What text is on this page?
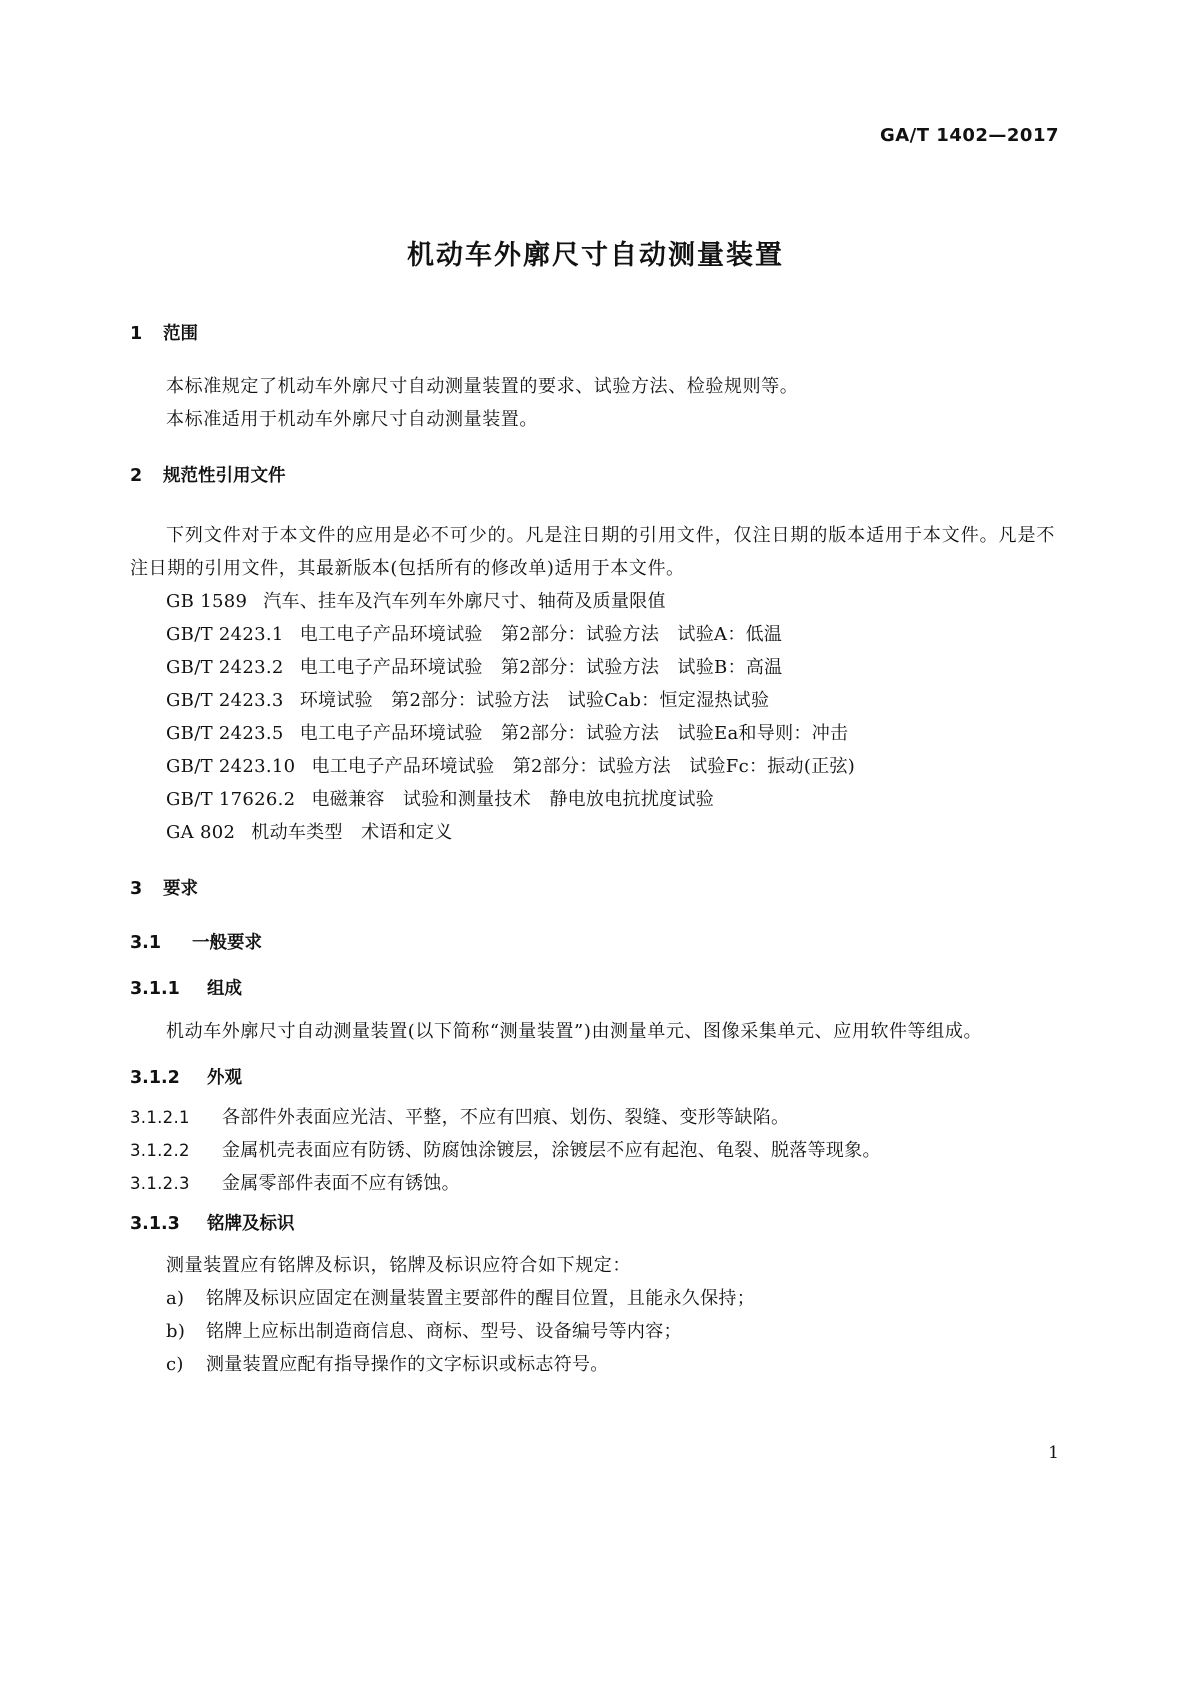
GA/T 1402—2017
机动车外廓尺寸自动测量装置
1 范围

本标准规定了机动车外廓尺寸自动测量装置的要求、试验方法、检验规则等。

本标准适用于机动车外廓尺寸自动测量装置。

2 规范性引用文件

下列文件对于本文件的应用是必不可少的。凡是注日期的引用文件，仅注日期的版本适用于本文件。凡是不注日期的引用文件，其最新版本(包括所有的修改单)适用于本文件。

GB 1589 汽车、挂车及汽车列车外廓尺寸、轴荷及质量限值
GB/T 2423.1 电工电子产品环境试验　第2部分：试验方法　试验A：低温
GB/T 2423.2 电工电子产品环境试验　第2部分：试验方法　试验B：高温
GB/T 2423.3 环境试验　第2部分：试验方法　试验Cab：恒定湿热试验
GB/T 2423.5 电工电子产品环境试验　第2部分：试验方法　试验Ea和导则：冲击
GB/T 2423.10 电工电子产品环境试验　第2部分：试验方法　试验Fc：振动(正弦)
GB/T 17626.2 电磁兼容　试验和测量技术　静电放电抗扰度试验
GA 802 机动车类型　术语和定义
3 要求
3.1 一般要求
3.1.1 组成

机动车外廓尺寸自动测量装置(以下简称“测量装置”)由测量单元、图像采集单元、应用软件等组成。

3.1.2 外观
3.1.2.1 各部件外表面应光洁、平整，不应有凹痕、划伤、裂缝、变形等缺陷。
3.1.2.2 金属机壳表面应有防锈、防腐蚀涂镀层，涂镀层不应有起泡、龟裂、脱落等现象。
3.1.2.3 金属零部件表面不应有锈蚀。
3.1.3 铭牌及标识

测量装置应有铭牌及标识，铭牌及标识应符合如下规定：

a) 铭牌及标识应固定在测量装置主要部件的醒目位置，且能永久保持；
b) 铭牌上应标出制造商信息、商标、型号、设备编号等内容；
c) 测量装置应配有指导操作的文字标识或标志符号。
1
